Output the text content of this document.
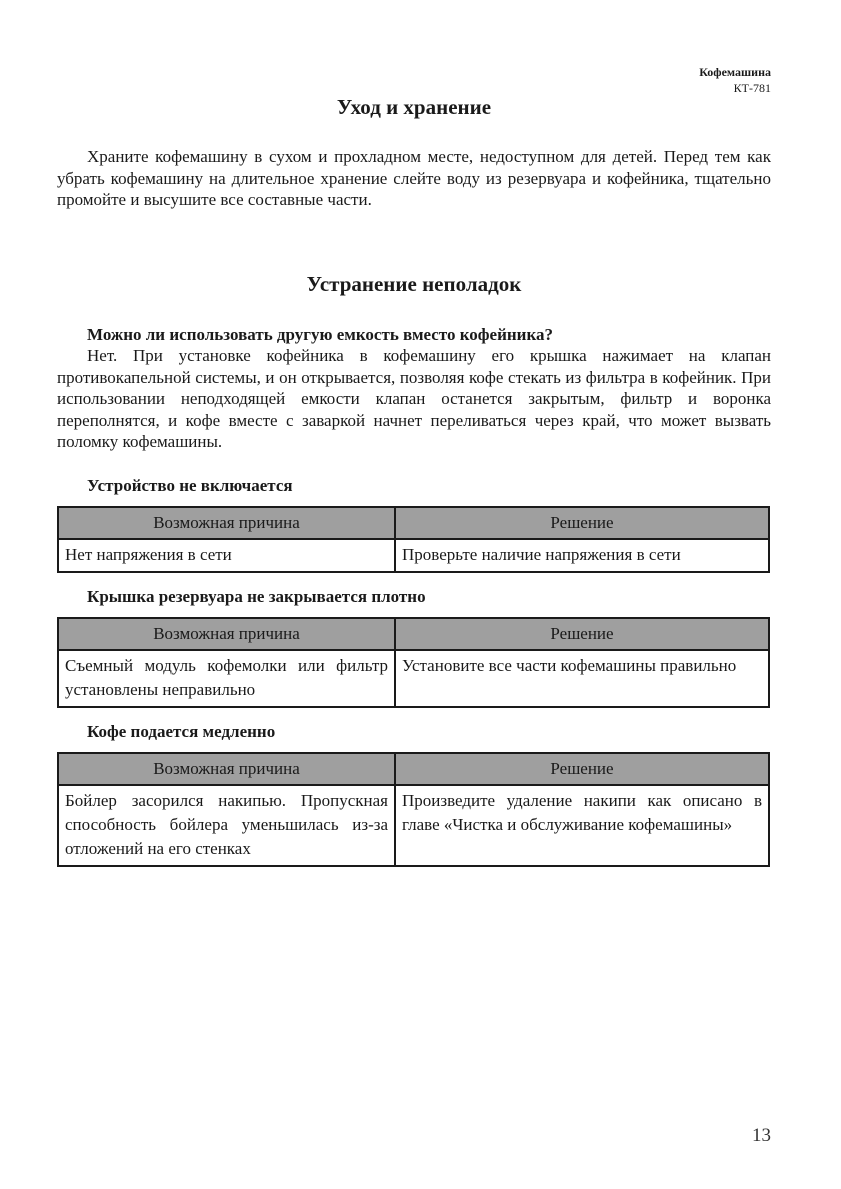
Кофемашина
КТ-781
Уход и хранение

Храните кофемашину в сухом и прохладном месте, недоступном для детей. Перед тем как убрать кофемашину на длительное хранение слейте воду из резервуара и кофейника, тщательно промойте и высушите все составные части.

Устранение неполадок
Можно ли использовать другую емкость вместо кофейника?

Нет. При установке кофейника в кофемашину его крышка нажимает на клапан противокапельной системы, и он открывается, позволяя кофе стекать из фильтра в кофейник. При использовании неподходящей емкости клапан останется закрытым, фильтр и воронка переполнятся, и кофе вместе с заваркой начнет переливаться через край, что может вызвать поломку кофемашины.

Устройство не включается
Возможная причина	Решение
Нет напряжения в сети	Проверьте наличие напряжения в сети
Крышка резервуара не закрывается плотно
Возможная причина	Решение
Съемный модуль кофемолки или фильтр установлены неправильно	Установите все части кофемашины правильно
Кофе подается медленно
Возможная причина	Решение
Бойлер засорился накипью. Пропускная способность бойлера уменьшилась из-за отложений на его стенках	Произведите удаление накипи как описано в главе «Чистка и обслуживание кофемашины»
13
